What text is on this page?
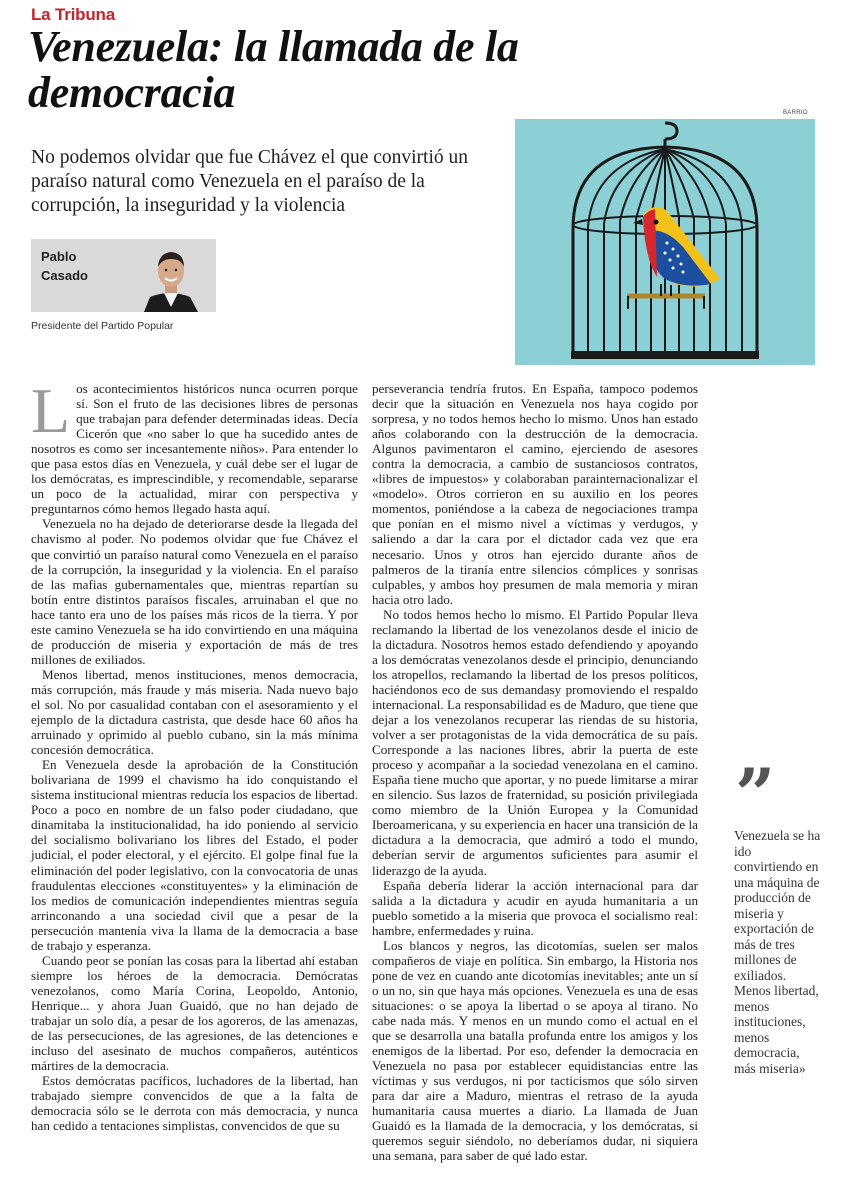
La Tribuna
Venezuela: la llamada de la democracia

No podemos olvidar que fue Chávez el que convirtió un paraíso natural como Venezuela en el paraíso de la corrupción, la inseguridad y la violencia

Pablo Casado
Presidente del Partido Popular
BARRIO

Los acontecimientos históricos nunca ocurren porque sí. Son el fruto de las decisiones libres de personas que trabajan para defender determinadas ideas. Decía Cicerón que «no saber lo que ha sucedido antes de nosotros es como ser incesantemente niños». Para entender lo que pasa estos días en Venezuela, y cuál debe ser el lugar de los demócratas, es imprescindible, y recomendable, separarse un poco de la actualidad, mirar con perspectiva y preguntarnos cómo hemos llegado hasta aquí.

Venezuela no ha dejado de deteriorarse desde la llegada del chavismo al poder. No podemos olvidar que fue Chávez el que convirtió un paraíso natural como Venezuela en el paraíso de la corrupción, la inseguridad y la violencia. En el paraíso de las mafias gubernamentales que, mientras repartían su botín entre distintos paraísos fiscales, arruinaban el que no hace tanto era uno de los países más ricos de la tierra. Y por este camino Venezuela se ha ido convirtiendo en una máquina de producción de miseria y exportación de más de tres millones de exiliados.

Menos libertad, menos instituciones, menos democracia, más corrupción, más fraude y más miseria. Nada nuevo bajo el sol. No por casualidad contaban con el asesoramiento y el ejemplo de la dictadura castrista, que desde hace 60 años ha arruinado y oprimido al pueblo cubano, sin la más mínima concesión democrática.

En Venezuela desde la aprobación de la Constitución bolivariana de 1999 el chavismo ha ido conquistando el sistema institucional mientras reducía los espacios de libertad. Poco a poco en nombre de un falso poder ciudadano, que dinamitaba la institucionalidad, ha ido poniendo al servicio del socialismo bolivariano los libres del Estado, el poder judicial, el poder electoral, y el ejército. El golpe final fue la eliminación del poder legislativo, con la convocatoria de unas fraudulentas elecciones «constituyentes» y la eliminación de los medios de comunicación independientes mientras seguía arrinconando a una sociedad civil que a pesar de la persecución mantenía viva la llama de la democracia a base de trabajo y esperanza.

Cuando peor se ponían las cosas para la libertad ahí estaban siempre los héroes de la democracia. Demócratas venezolanos, como María Corina, Leopoldo, Antonio, Henrique... y ahora Juan Guaidó, que no han dejado de trabajar un solo día, a pesar de los agoreros, de las amenazas, de las persecuciones, de las agresiones, de las detenciones e incluso del asesinato de muchos compañeros, auténticos mártires de la democracia.

Estos demócratas pacíficos, luchadores de la libertad, han trabajado siempre convencidos de que a la falta de democracia sólo se le derrota con más democracia, y nunca han cedido a tentaciones simplistas, convencidos de que su

perseverancia tendría frutos. En España, tampoco podemos decir que la situación en Venezuela nos haya cogido por sorpresa, y no todos hemos hecho lo mismo. Unos han estado años colaborando con la destrucción de la democracia. Algunos pavimentaron el camino, ejerciendo de asesores contra la democracia, a cambio de sustanciosos contratos, «libres de impuestos» y colaboraban parainternacionalizar el «modelo». Otros corrieron en su auxilio en los peores momentos, poniéndose a la cabeza de negociaciones trampa que ponían en el mismo nivel a víctimas y verdugos, y saliendo a dar la cara por el dictador cada vez que era necesario. Unos y otros han ejercido durante años de palmeros de la tiranía entre silencios cómplices y sonrisas culpables, y ambos hoy presumen de mala memoria y miran hacia otro lado.

No todos hemos hecho lo mismo. El Partido Popular lleva reclamando la libertad de los venezolanos desde el inicio de la dictadura. Nosotros hemos estado defendiendo y apoyando a los demócratas venezolanos desde el principio, denunciando los atropellos, reclamando la libertad de los presos políticos, haciéndonos eco de sus demandasy promoviendo el respaldo internacional. La responsabilidad es de Maduro, que tiene que dejar a los venezolanos recuperar las riendas de su historia, volver a ser protagonistas de la vida democrática de su país. Corresponde a las naciones libres, abrir la puerta de este proceso y acompañar a la sociedad venezolana en el camino. España tiene mucho que aportar, y no puede limitarse a mirar en silencio. Sus lazos de fraternidad, su posición privilegiada como miembro de la Unión Europea y la Comunidad Iberoamericana, y su experiencia en hacer una transición de la dictadura a la democracia, que admiró a todo el mundo, deberían servir de argumentos suficientes para asumir el liderazgo de la ayuda.

España debería liderar la acción internacional para dar salida a la dictadura y acudir en ayuda humanitaria a un pueblo sometido a la miseria que provoca el socialismo real: hambre, enfermedades y ruina.

Los blancos y negros, las dicotomías, suelen ser malos compañeros de viaje en política. Sin embargo, la Historia nos pone de vez en cuando ante dicotomías inevitables; ante un sí o un no, sin que haya más opciones. Venezuela es una de esas situaciones: o se apoya la libertad o se apoya al tirano. No cabe nada más. Y menos en un mundo como el actual en el que se desarrolla una batalla profunda entre los amigos y los enemigos de la libertad. Por eso, defender la democracia en Venezuela no pasa por establecer equidistancias entre las víctimas y sus verdugos, ni por tacticismos que sólo sirven para dar aire a Maduro, mientras el retraso de la ayuda humanitaria causa muertes a diario. La llamada de Juan Guaidó es la llamada de la democracia, y los demócratas, si queremos seguir siéndolo, no deberíamos dudar, ni siquiera una semana, para saber de qué lado estar.

”
Venezuela se ha ido convirtiendo en una máquina de producción de miseria y exportación de más de tres millones de exiliados. Menos libertad, menos instituciones, menos democracia, más miseria»
